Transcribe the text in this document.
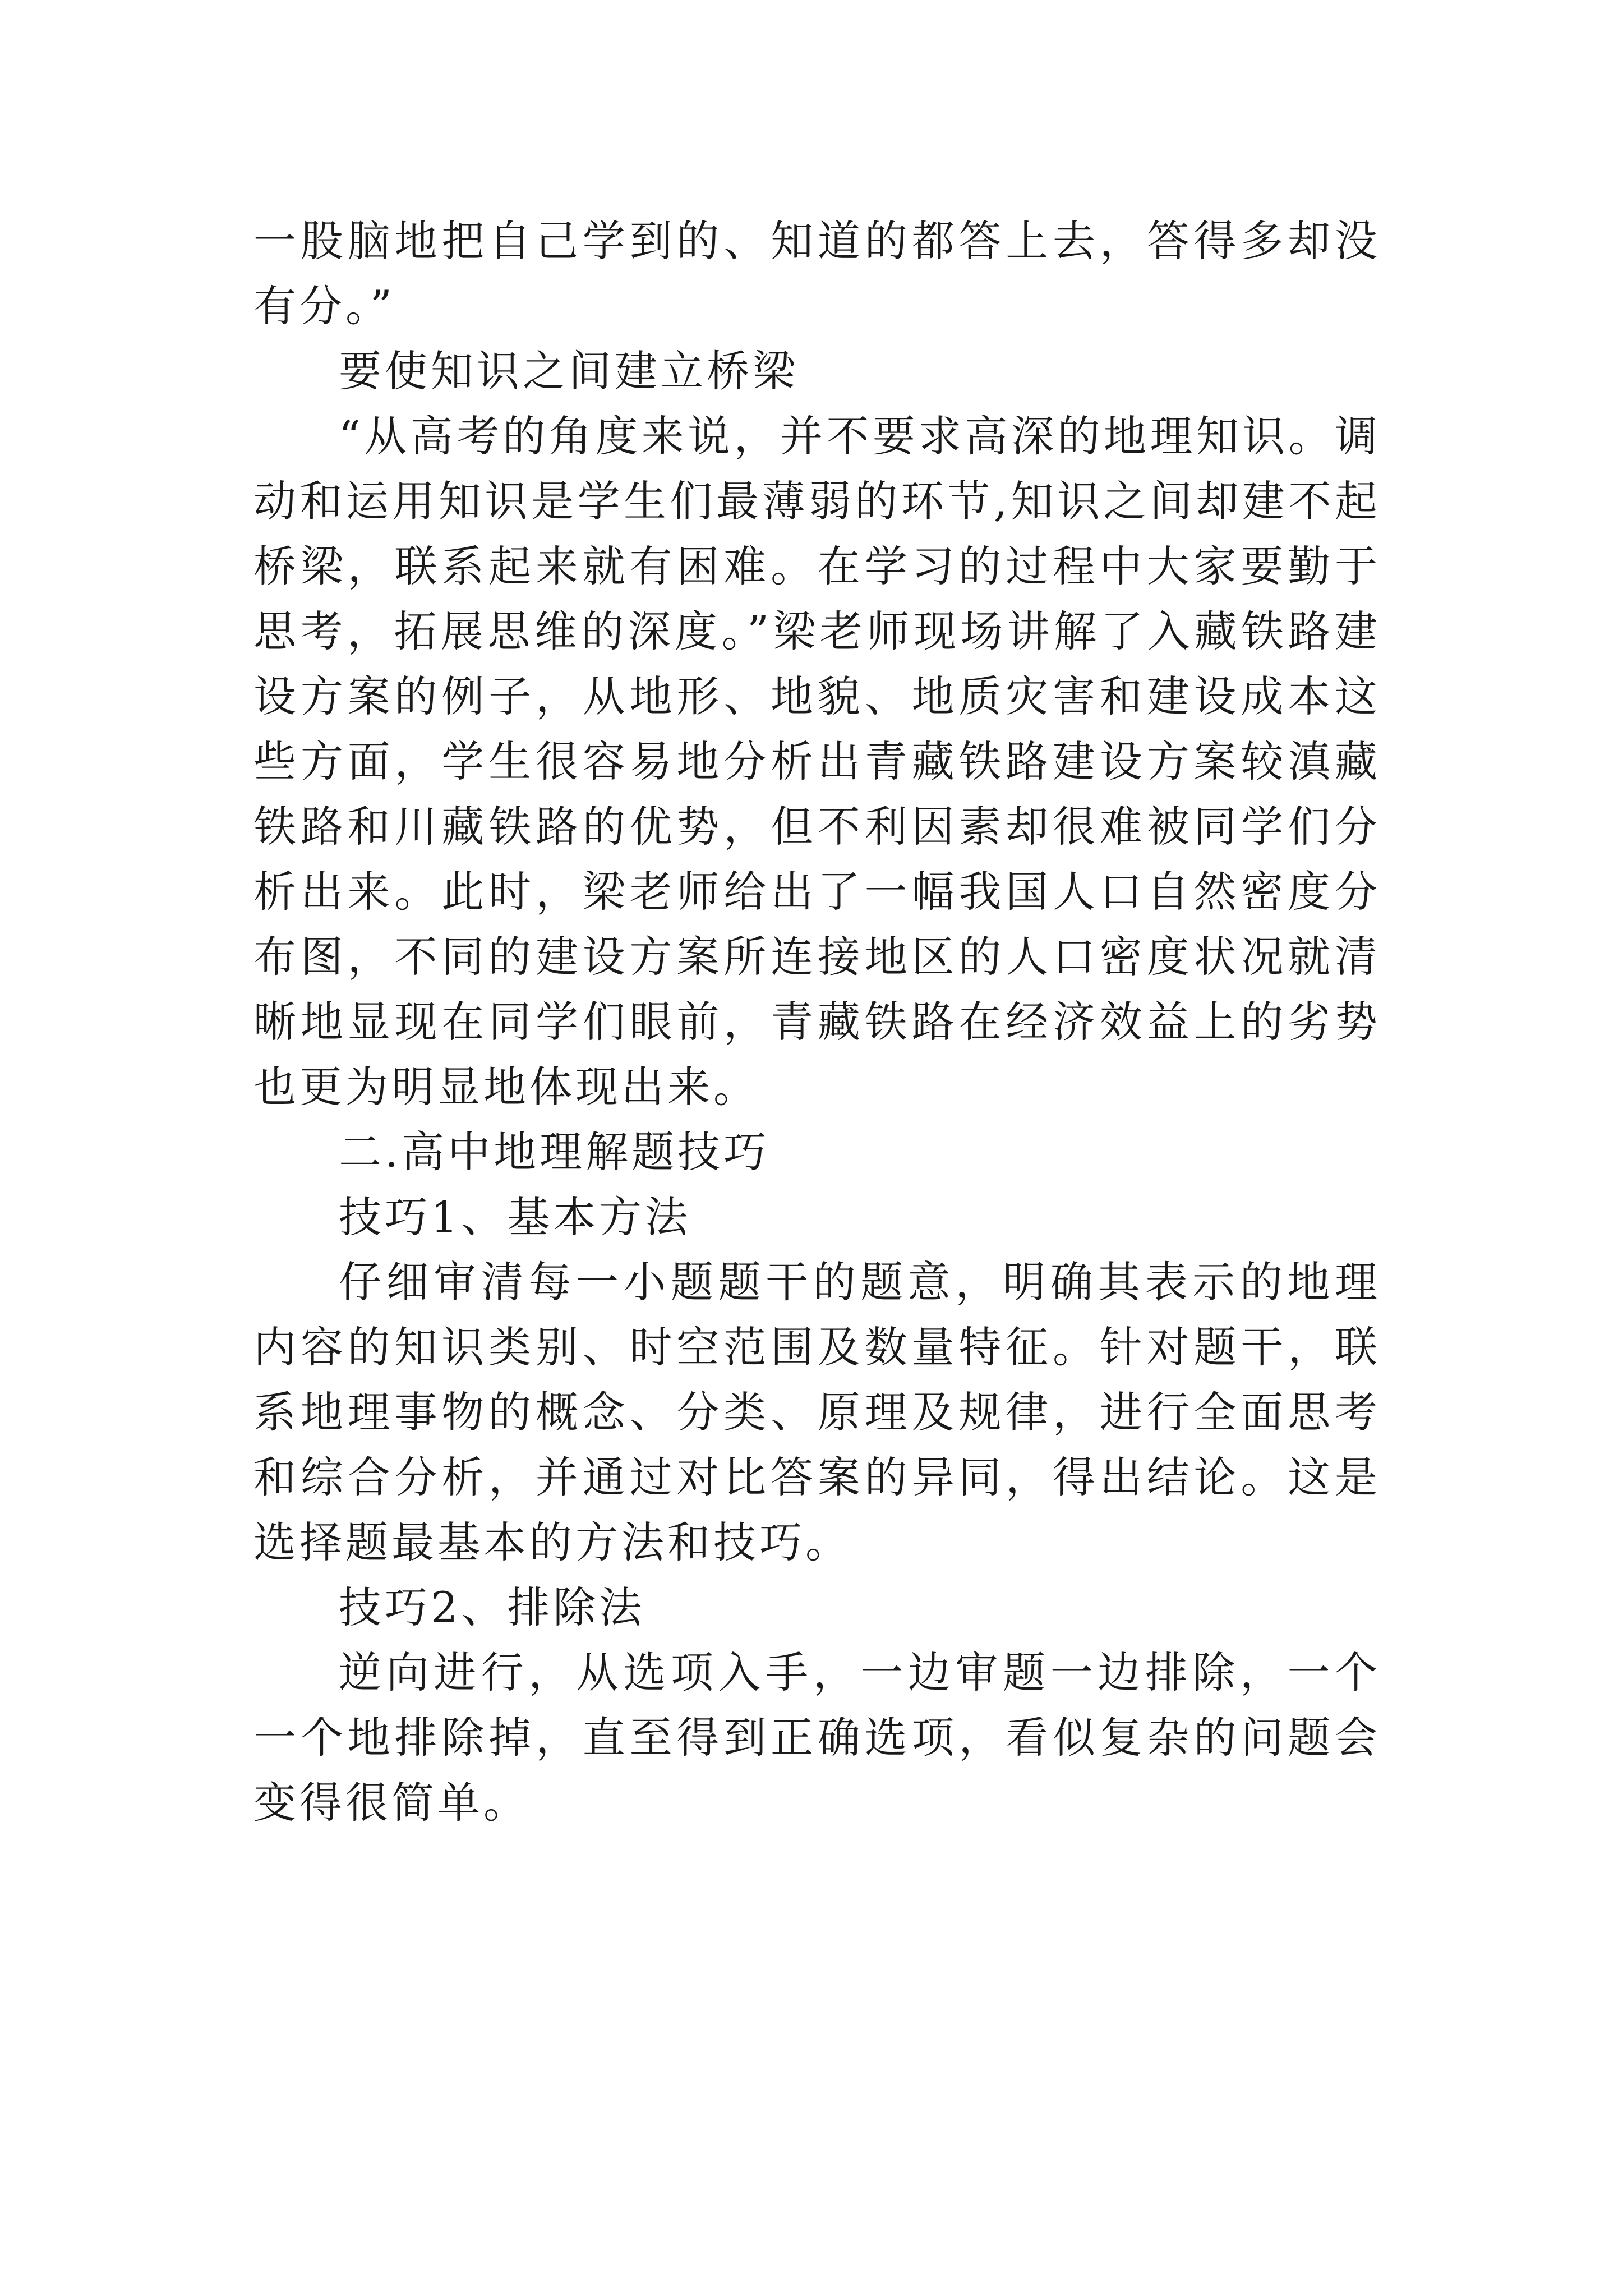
一股脑地把自己学到的、知道的都答上去，答得多却没有分。”

要使知识之间建立桥梁

“从高考的角度来说，并不要求高深的地理知识。调动和运用知识是学生们最薄弱的环节,知识之间却建不起桥梁，联系起来就有困难。在学习的过程中大家要勤于思考，拓展思维的深度。”梁老师现场讲解了入藏铁路建设方案的例子，从地形、地貌、地质灾害和建设成本这些方面，学生很容易地分析出青藏铁路建设方案较滇藏铁路和川藏铁路的优势，但不利因素却很难被同学们分析出来。此时，梁老师给出了一幅我国人口自然密度分布图，不同的建设方案所连接地区的人口密度状况就清晰地显现在同学们眼前，青藏铁路在经济效益上的劣势也更为明显地体现出来。

二.高中地理解题技巧

技巧1、基本方法

仔细审清每一小题题干的题意，明确其表示的地理内容的知识类别、时空范围及数量特征。针对题干，联系地理事物的概念、分类、原理及规律，进行全面思考和综合分析，并通过对比答案的异同，得出结论。这是选择题最基本的方法和技巧。

技巧2、排除法

逆向进行，从选项入手，一边审题一边排除，一个一个地排除掉，直至得到正确选项，看似复杂的问题会变得很简单。
